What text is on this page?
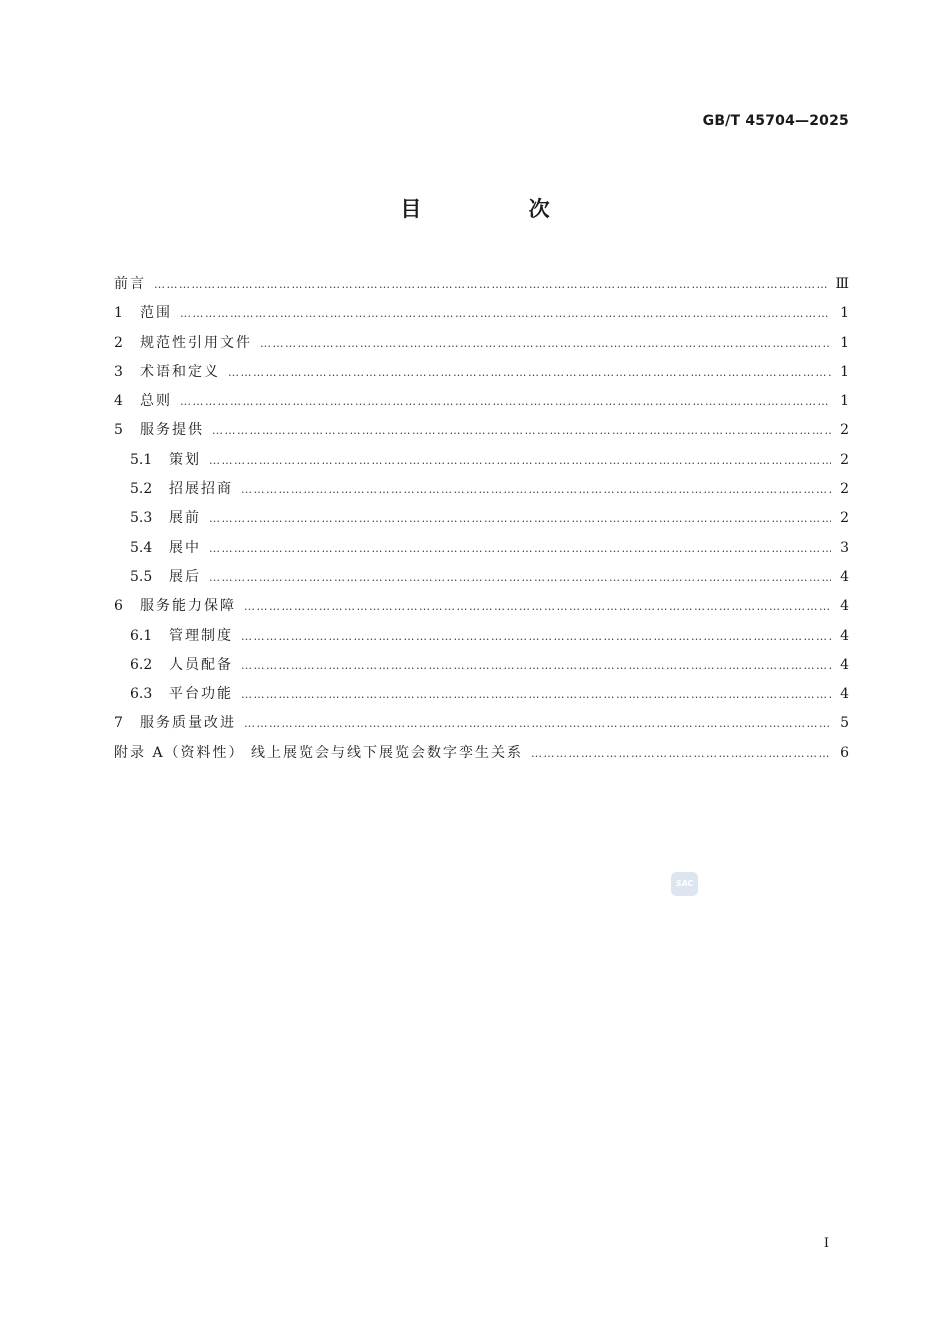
GB/T 45704—2025
目 次
前言 …………………………………………………………………………………………………………………………………………………………………………………………………………………………	Ⅲ
1	范围 …………………………………………………………………………………………………………………………………………………………………………………………………………………………	1
2	规范性引用文件 …………………………………………………………………………………………………………………………………………………………………………………………………………………………	1
3	术语和定义 …………………………………………………………………………………………………………………………………………………………………………………………………………………………	1
4	总则 …………………………………………………………………………………………………………………………………………………………………………………………………………………………	1
5	服务提供 …………………………………………………………………………………………………………………………………………………………………………………………………………………………	2
5.1	策划 …………………………………………………………………………………………………………………………………………………………………………………………………………………………	2
5.2	招展招商 …………………………………………………………………………………………………………………………………………………………………………………………………………………………	2
5.3	展前 …………………………………………………………………………………………………………………………………………………………………………………………………………………………	2
5.4	展中 …………………………………………………………………………………………………………………………………………………………………………………………………………………………	3
5.5	展后 …………………………………………………………………………………………………………………………………………………………………………………………………………………………	4
6	服务能力保障 …………………………………………………………………………………………………………………………………………………………………………………………………………………………	4
6.1	管理制度 …………………………………………………………………………………………………………………………………………………………………………………………………………………………	4
6.2	人员配备 …………………………………………………………………………………………………………………………………………………………………………………………………………………………	4
6.3	平台功能 …………………………………………………………………………………………………………………………………………………………………………………………………………………………	4
7	服务质量改进 …………………………………………………………………………………………………………………………………………………………………………………………………………………………	5
附录 A（资料性） 线上展览会与线下展览会数字孪生关系 …………………………………………………………………………………………………………………………………………………………………………………………………………………………	6
SAC
I
